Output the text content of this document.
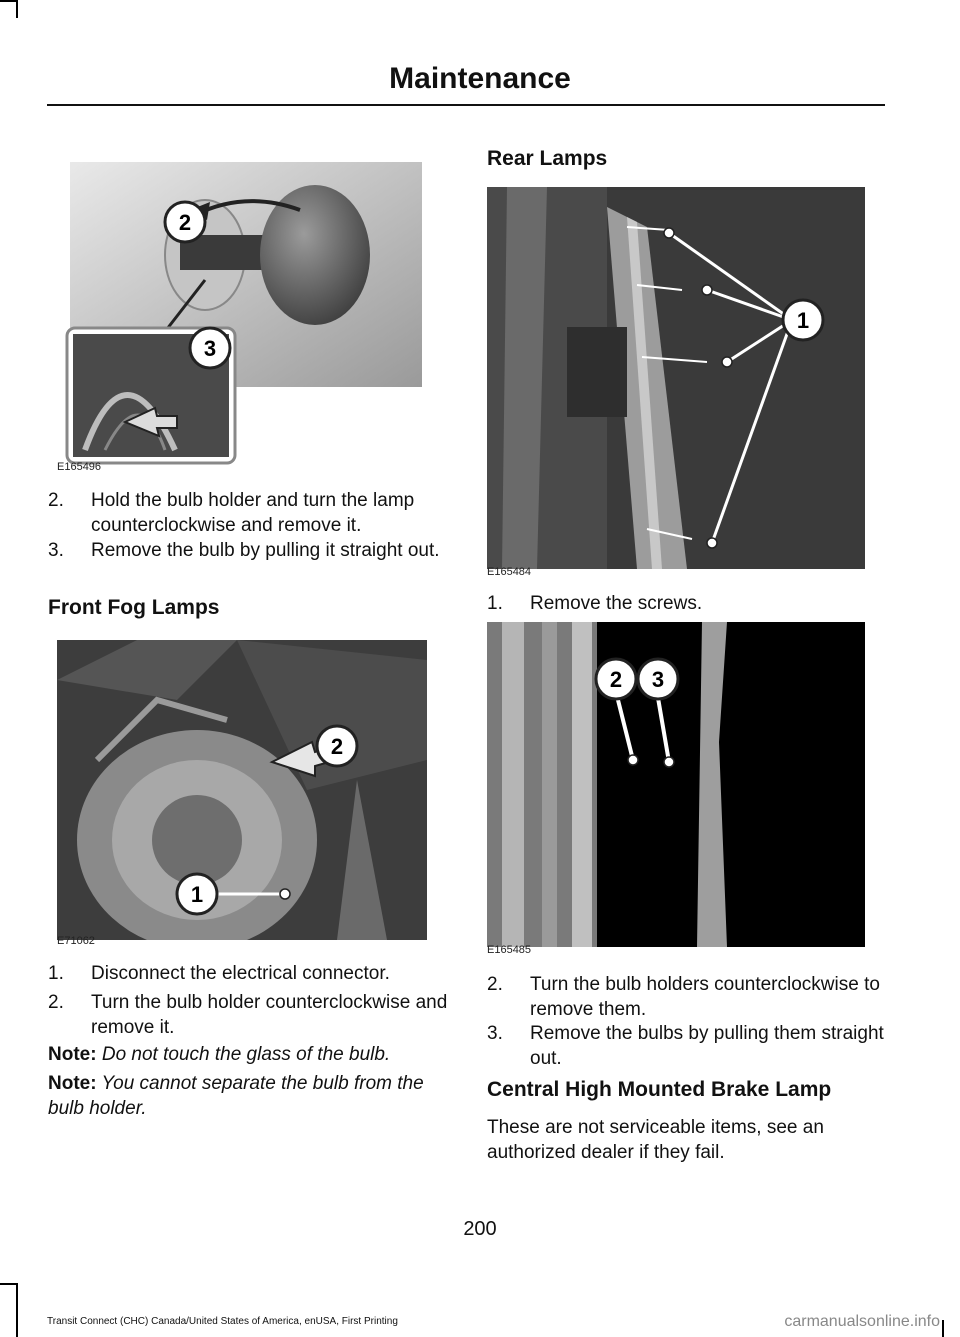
Maintenance
2
3
E165496
2.	Hold the bulb holder and turn the lamp counterclockwise and remove it.
3.	Remove the bulb by pulling it straight out.
Front Fog Lamps
2
1
E71062
1.	Disconnect the electrical connector.
2.	Turn the bulb holder counterclockwise and remove it.
Note: Do not touch the glass of the bulb.
Note: You cannot separate the bulb from the bulb holder.
Rear Lamps
1
E165484
1.	Remove the screws.
2 3
E165485
2.	Turn the bulb holders counterclockwise to remove them.
3.	Remove the bulbs by pulling them straight out.
Central High Mounted Brake Lamp
These are not serviceable items, see an authorized dealer if they fail.
200
Transit Connect (CHC) Canada/United States of America, enUSA, First Printing	carmanualsonline.info
